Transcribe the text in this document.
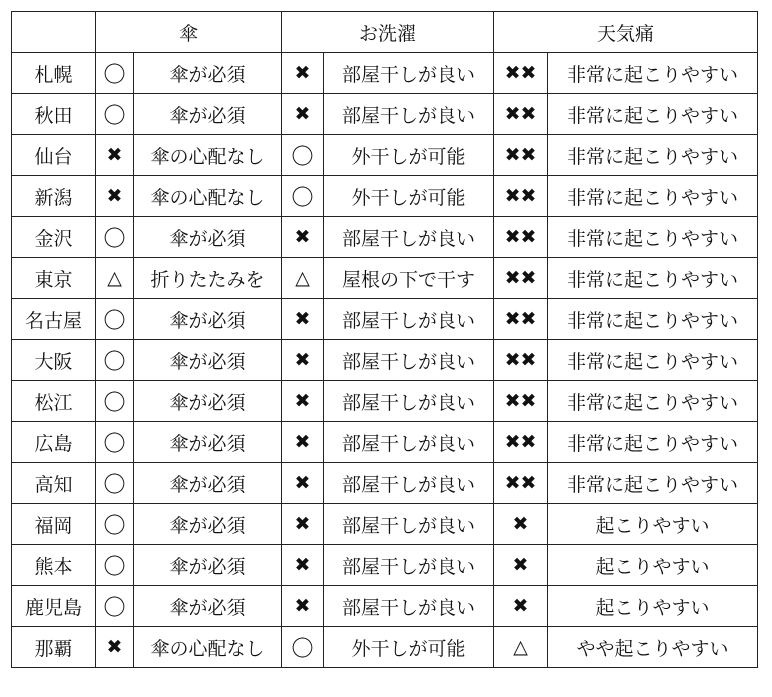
	傘		お洗濯		天気痛	
札幌	〇	傘が必須	✖	部屋干しが良い	✖✖	非常に起こりやすい
秋田	〇	傘が必須	✖	部屋干しが良い	✖✖	非常に起こりやすい
仙台	✖	傘の心配なし	〇	外干しが可能	✖✖	非常に起こりやすい
新潟	✖	傘の心配なし	〇	外干しが可能	✖✖	非常に起こりやすい
金沢	〇	傘が必須	✖	部屋干しが良い	✖✖	非常に起こりやすい
東京	△	折りたたみを	△	屋根の下で干す	✖✖	非常に起こりやすい
名古屋	〇	傘が必須	✖	部屋干しが良い	✖✖	非常に起こりやすい
大阪	〇	傘が必須	✖	部屋干しが良い	✖✖	非常に起こりやすい
松江	〇	傘が必須	✖	部屋干しが良い	✖✖	非常に起こりやすい
広島	〇	傘が必須	✖	部屋干しが良い	✖✖	非常に起こりやすい
高知	〇	傘が必須	✖	部屋干しが良い	✖✖	非常に起こりやすい
福岡	〇	傘が必須	✖	部屋干しが良い	✖	起こりやすい
熊本	〇	傘が必須	✖	部屋干しが良い	✖	起こりやすい
鹿児島	〇	傘が必須	✖	部屋干しが良い	✖	起こりやすい
那覇	✖	傘の心配なし	〇	外干しが可能	△	やや起こりやすい
